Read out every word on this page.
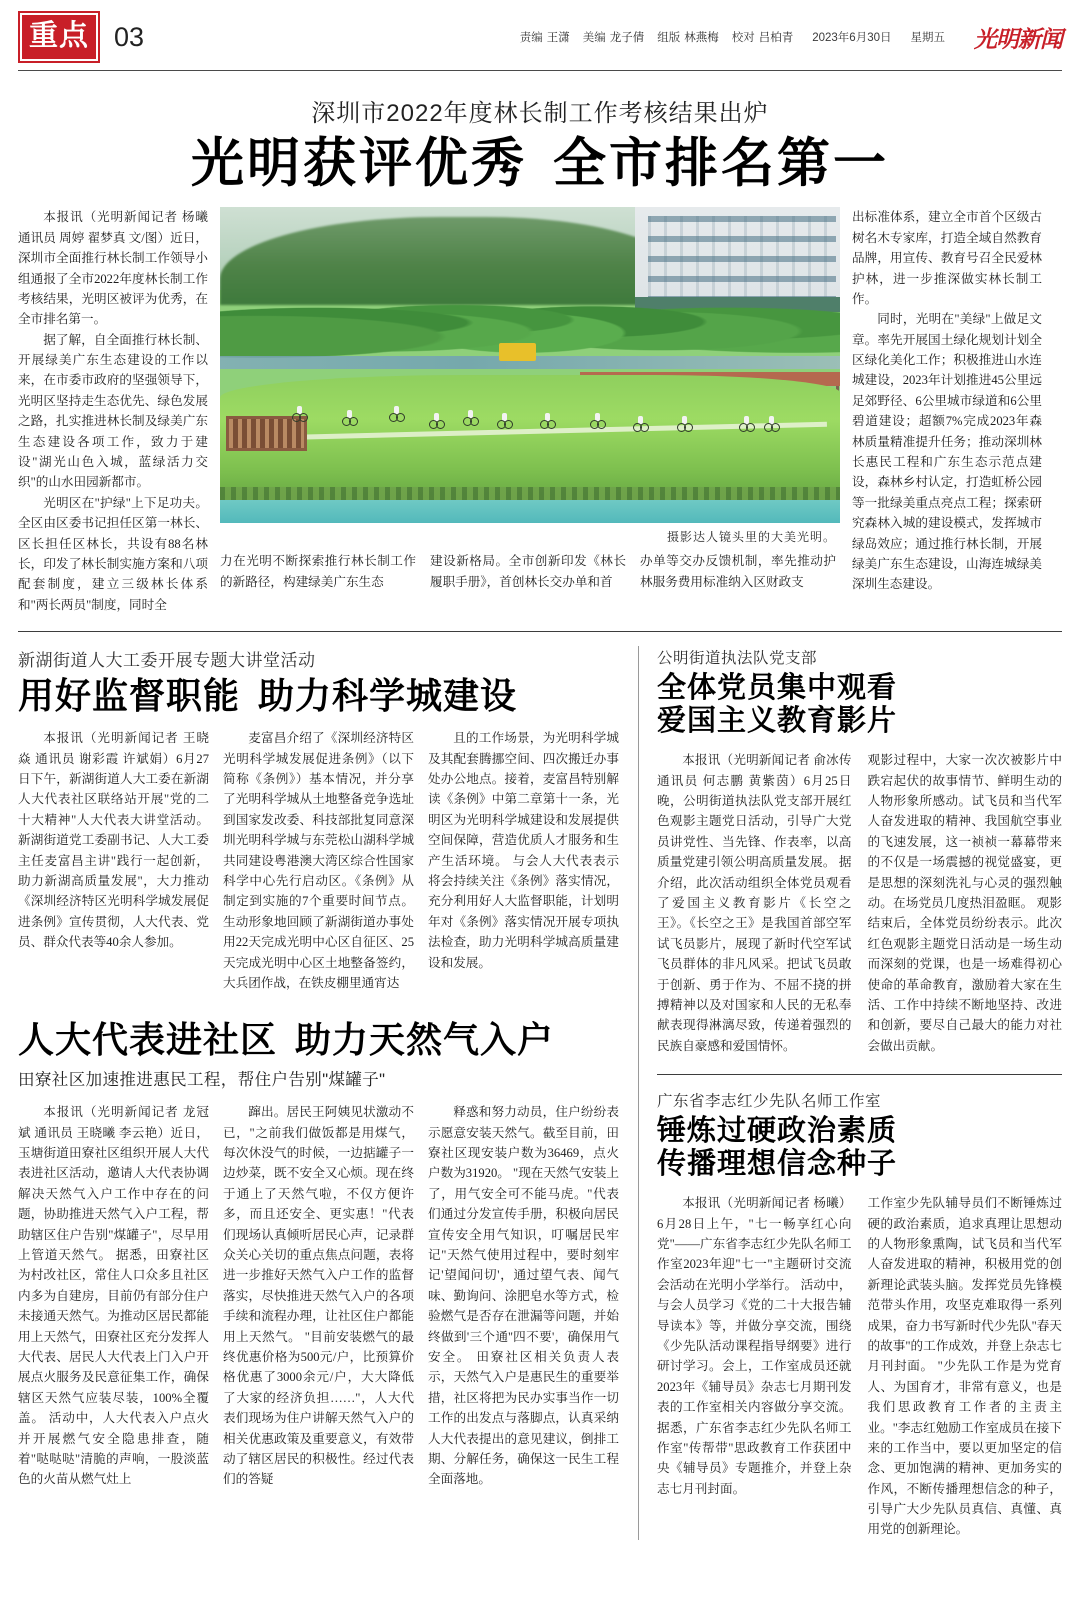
重点 03	责编 王潇 美编 龙子倩 组版 林燕梅 校对 吕柏青 2023年6月30日 星期五 光明新闻
深圳市2022年度林长制工作考核结果出炉
光明获评优秀 全市排名第一

本报讯（光明新闻记者 杨曦 通讯员 周婷 翟梦真 文/图）近日，深圳市全面推行林长制工作领导小组通报了全市2022年度林长制工作考核结果，光明区被评为优秀，在全市排名第一。

据了解，自全面推行林长制、开展绿美广东生态建设的工作以来，在市委市政府的坚强领导下，光明区坚持走生态优先、绿色发展之路，扎实推进林长制及绿美广东生态建设各项工作，致力于建设"湖光山色入城，蓝绿活力交织"的山水田园新都市。

光明区在"护绿"上下足功夫。全区由区委书记担任区第一林长、区长担任区林长，共设有88名林长，印发了林长制实施方案和八项配套制度，建立三级林长体系和"两长两员"制度，同时全

摄影达人镜头里的大美光明。

力在光明不断探索推行林长制工作的新路径，构建绿美广东生态

建设新格局。全市创新印发《林长履职手册》，首创林长交办单和首

办单等交办反馈机制，率先推动护林服务费用标准纳入区财政支

出标准体系，建立全市首个区级古树名木专家库，打造全域自然教育品牌，用宣传、教育号召全民爱林护林，进一步推深做实林长制工作。

同时，光明在"美绿"上做足文章。率先开展国土绿化规划计划全区绿化美化工作；积极推进山水连城建设，2023年计划推进45公里远足郊野径、6公里城市绿道和6公里碧道建设；超额7%完成2023年森林质量精准提升任务；推动深圳林长惠民工程和广东生态示范点建设，森林乡村认定，打造虹桥公园等一批绿美重点亮点工程；探索研究森林入城的建设模式，发挥城市绿岛效应；通过推行林长制，开展绿美广东生态建设，山海连城绿美深圳生态建设。

新湖街道人大工委开展专题大讲堂活动
用好监督职能 助力科学城建设

本报讯（光明新闻记者 王晓焱 通讯员 谢彩霞 许斌娟）6月27日下午，新湖街道人大工委在新湖人大代表社区联络站开展"党的二十大精神"人大代表大讲堂活动。新湖街道党工委副书记、人大工委主任麦富昌主讲"践行一起创新，助力新湖高质量发展"，大力推动《深圳经济特区光明科学城发展促进条例》宣传贯彻，人大代表、党员、群众代表等40余人参加。

麦富昌介绍了《深圳经济特区光明科学城发展促进条例》（以下简称《条例》）基本情况，并分享了光明科学城从土地整备竞争选址到国家发改委、科技部批复同意深圳光明科学城与东莞松山湖科学城共同建设粤港澳大湾区综合性国家科学中心先行启动区。《条例》从制定到实施的7个重要时间节点。生动形象地回顾了新湖街道办事处用22天完成光明中心区自征区、25天完成光明中心区土地整备签约，大兵团作战，在铁皮棚里通宵达

且的工作场景，为光明科学城及其配套腾挪空间、四次搬迁办事处办公地点。接着，麦富昌特别解读《条例》中第二章第十一条，光明区为光明科学城建设和发展提供空间保障，营造优质人才服务和生产生活环境。 与会人大代表表示将会持续关注《条例》落实情况，充分利用好人大监督职能，计划明年对《条例》落实情况开展专项执法检查，助力光明科学城高质量建设和发展。

人大代表进社区 助力天然气入户
田寮社区加速推进惠民工程，帮住户告别"煤罐子"

本报讯（光明新闻记者 龙冠斌 通讯员 王晓曦 李云艳）近日，玉塘街道田寮社区组织开展人大代表进社区活动，邀请人大代表协调解决天然气入户工作中存在的问题，协助推进天然气入户工程，帮助辖区住户告别"煤罐子"，尽早用上管道天然气。 据悉，田寮社区为村改社区，常住人口众多且社区内多为自建房，目前仍有部分住户未接通天然气。为推动区居民都能用上天然气，田寮社区充分发挥人大代表、居民人大代表上门入户开展点火服务及民意征集工作，确保辖区天然气应装尽装，100%全覆盖。 活动中，人大代表入户点火并开展燃气安全隐患排查，随着"哒哒哒"清脆的声响，一股淡蓝色的火苗从燃气灶上

蹿出。居民王阿姨见状激动不已，"之前我们做饭都是用煤气，每次休没气的时候，一边掂罐子一边炒菜，既不安全又心烦。现在终于通上了天然气啦，不仅方便许多，而且还安全、更实惠！"代表们现场认真倾听居民心声，记录群众关心关切的重点焦点问题，表将进一步推好天然气入户工作的监督落实，尽快推进天然气入户的各项手续和流程办理，让社区住户都能用上天然气。 "目前安装燃气的最终优惠价格为500元/户，比预算价格优惠了3000余元/户，大大降低了大家的经济负担……"，人大代表们现场为住户讲解天然气入户的相关优惠政策及重要意义，有效带动了辖区居民的积极性。经过代表们的答疑

释惑和努力动员，住户纷纷表示愿意安装天然气。截至目前，田寮社区现安装户数为36469，点火户数为31920。 "现在天然气安装上了，用气安全可不能马虎。"代表们通过分发宣传手册，积极向居民宣传安全用气知识，叮嘱居民牢记"天然气使用过程中，要时刻牢记'望闻问切'，通过望气表、闻气味、勤询问、涂肥皂水等方式，检验燃气是否存在泄漏等问题，并始终做到'三个通''四不要'，确保用气安全。 田寮社区相关负责人表示，天然气入户是惠民生的重要举措，社区将把为民办实事当作一切工作的出发点与落脚点，认真采纳人大代表提出的意见建议，倒排工期、分解任务，确保这一民生工程全面落地。

公明街道执法队党支部
全体党员集中观看
爱国主义教育影片

本报讯（光明新闻记者 俞冰传 通讯员 何志鹏 黄紫茵）6月25日晚，公明街道执法队党支部开展红色观影主题党日活动，引导广大党员讲党性、当先锋、作表率，以高质量党建引领公明高质量发展。 据介绍，此次活动组织全体党员观看了爱国主义教育影片《长空之王》。《长空之王》是我国首部空军试飞员影片，展现了新时代空军试飞员群体的非凡风采。把试飞员敢于创新、勇于作为、不屈不挠的拼搏精神以及对国家和人民的无私奉献表现得淋漓尽致，传递着强烈的民族自豪感和爱国情怀。

观影过程中，大家一次次被影片中跌宕起伏的故事情节、鲜明生动的人物形象所感动。试飞员和当代军人奋发进取的精神、我国航空事业的飞速发展，这一祯祯一幕幕带来的不仅是一场震撼的视觉盛宴，更是思想的深刻洗礼与心灵的强烈触动。在场党员几度热泪盈眶。 观影结束后，全体党员纷纷表示。此次红色观影主题党日活动是一场生动而深刻的党课，也是一场难得初心使命的革命教育，激励着大家在生活、工作中持续不断地坚持、改进和创新，要尽自己最大的能力对社会做出贡献。

广东省李志红少先队名师工作室
锤炼过硬政治素质
传播理想信念种子

本报讯（光明新闻记者 杨曦）6月28日上午，"七一畅享红心向党"——广东省李志红少先队名师工作室2023年迎"七一"主题研讨交流会活动在光明小学举行。 活动中，与会人员学习《党的二十大报告辅导读本》等，并做分享交流，围绕《少先队活动课程指导纲要》进行研讨学习。会上，工作室成员还就2023年《辅导员》杂志七月期刊发表的工作室相关内容做分享交流。据悉，广东省李志红少先队名师工作室"传帮带"思政教育工作获团中央《辅导员》专题推介，并登上杂志七月刊封面。

工作室少先队辅导员们不断锤炼过硬的政治素质，追求真理让思想动的人物形象熏陶，试飞员和当代军人奋发进取的精神，积极用党的创新理论武装头脑。发挥党员先锋模范带头作用，攻坚克难取得一系列成果，奋力书写新时代少先队"春天的故事"的工作成效，并登上杂志七月刊封面。 "少先队工作是为党育人、为国育才，非常有意义，也是我们思政教育工作者的主责主业。"李志红勉励工作室成员在接下来的工作当中，要以更加坚定的信念、更加饱满的精神、更加务实的作风，不断传播理想信念的种子，引导广大少先队员真信、真懂、真用党的创新理论。
